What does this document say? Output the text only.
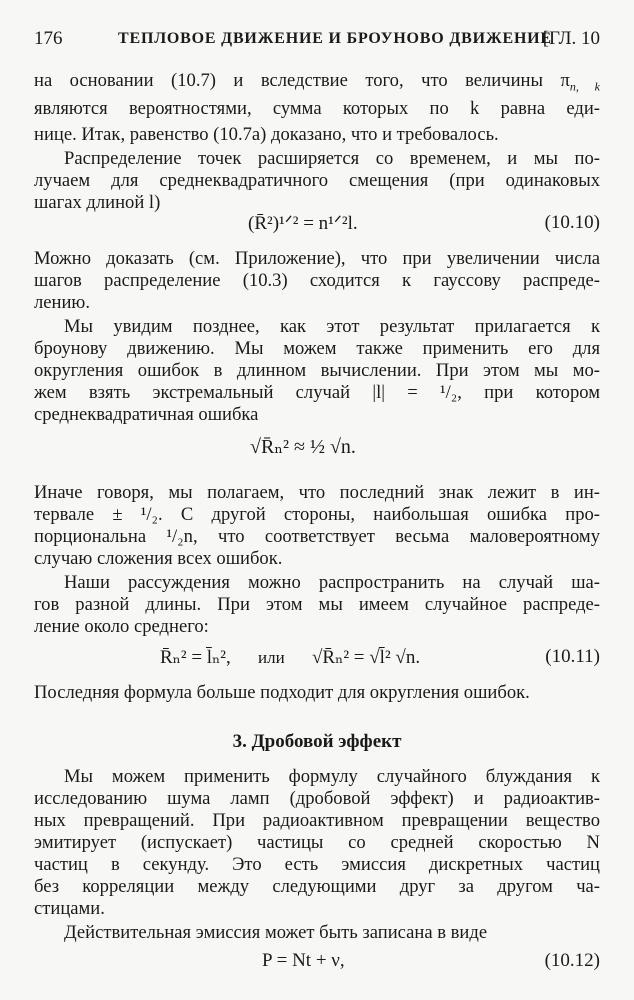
176	ТЕПЛОВОЕ ДВИЖЕНИЕ И БРОУНОВО ДВИЖЕНИЕ
[ГЛ. 10
на основании (10.7) и вследствие того, что величины $\pi_{n, k}$
являются вероятностями, сумма которых по k равна еди-
нице. Итак, равенство (10.7а) доказано, что и требовалось.
Распределение точек расширяется со временем, и мы по-
лучаем для среднеквадратичного смещения (при одинаковых
шагах длиной l)
(R̄²)¹ᐟ² = n¹ᐟ²l.	(10.10)
Можно доказать (см. Приложение), что при увеличении числа
шагов распределение (10.3) сходится к гауссову распреде-
лению.
Мы увидим позднее, как этот результат прилагается к
броунову движению. Мы можем также применить его для
округления ошибок в длинном вычислении. При этом мы мо-
жем взять экстремальный случай |l| = ¹/₂, при котором
среднеквадратичная ошибка
√R̄ₙ² ≈ ½ √n.
Иначе говоря, мы полагаем, что последний знак лежит в ин-
тервале ± ¹/₂. С другой стороны, наибольшая ошибка про-
порциональна ¹/₂n, что соответствует весьма маловероятному
случаю сложения всех ошибок.
Наши рассуждения можно распространить на случай ша-
гов разной длины. При этом мы имеем случайное распреде-
ление около среднего:
R̄ₙ² = l̄ₙ², или √R̄ₙ² = √l̄² √n.	(10.11)
Последняя формула больше подходит для округления ошибок.
3. Дробовой эффект
Мы можем применить формулу случайного блуждания к
исследованию шума ламп (дробовой эффект) и радиоактив-
ных превращений. При радиоактивном превращении вещество
эмитирует (испускает) частицы со средней скоростью N
частиц в секунду. Это есть эмиссия дискретных частиц
без корреляции между следующими друг за другом ча-
стицами.
Действительная эмиссия может быть записана в виде
P = Nt + ν,	(10.12)
